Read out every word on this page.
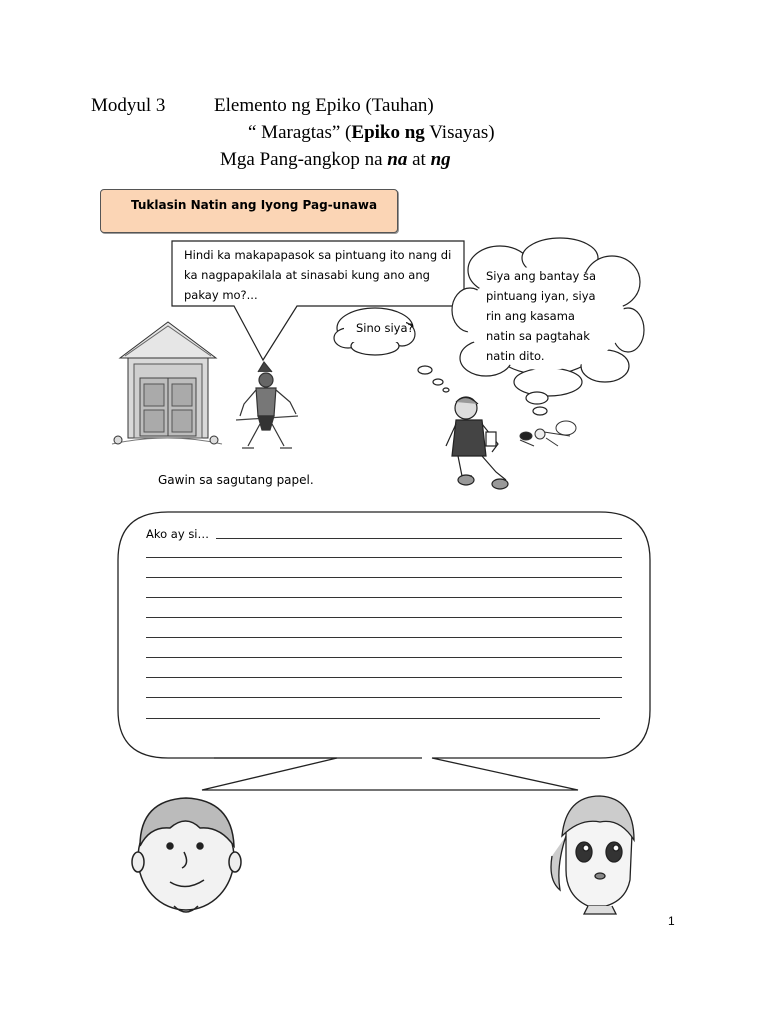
Modyul 3	Elemento ng Epiko (Tauhan)
“ Maragtas” (Epiko ng Visayas)
Mga Pang-angkop na na at ng
Tuklasin Natin ang Iyong Pag-unawa
Hindi ka makapapasok sa pintuang ito nang di
ka nagpapakilala at sinasabi kung ano ang
pakay mo?...
Sino siya?
Siya ang bantay sa
pintuang iyan, siya
rin ang kasama
natin sa pagtahak
natin dito.
Gawin sa sagutang papel.
Ako ay si…
1
